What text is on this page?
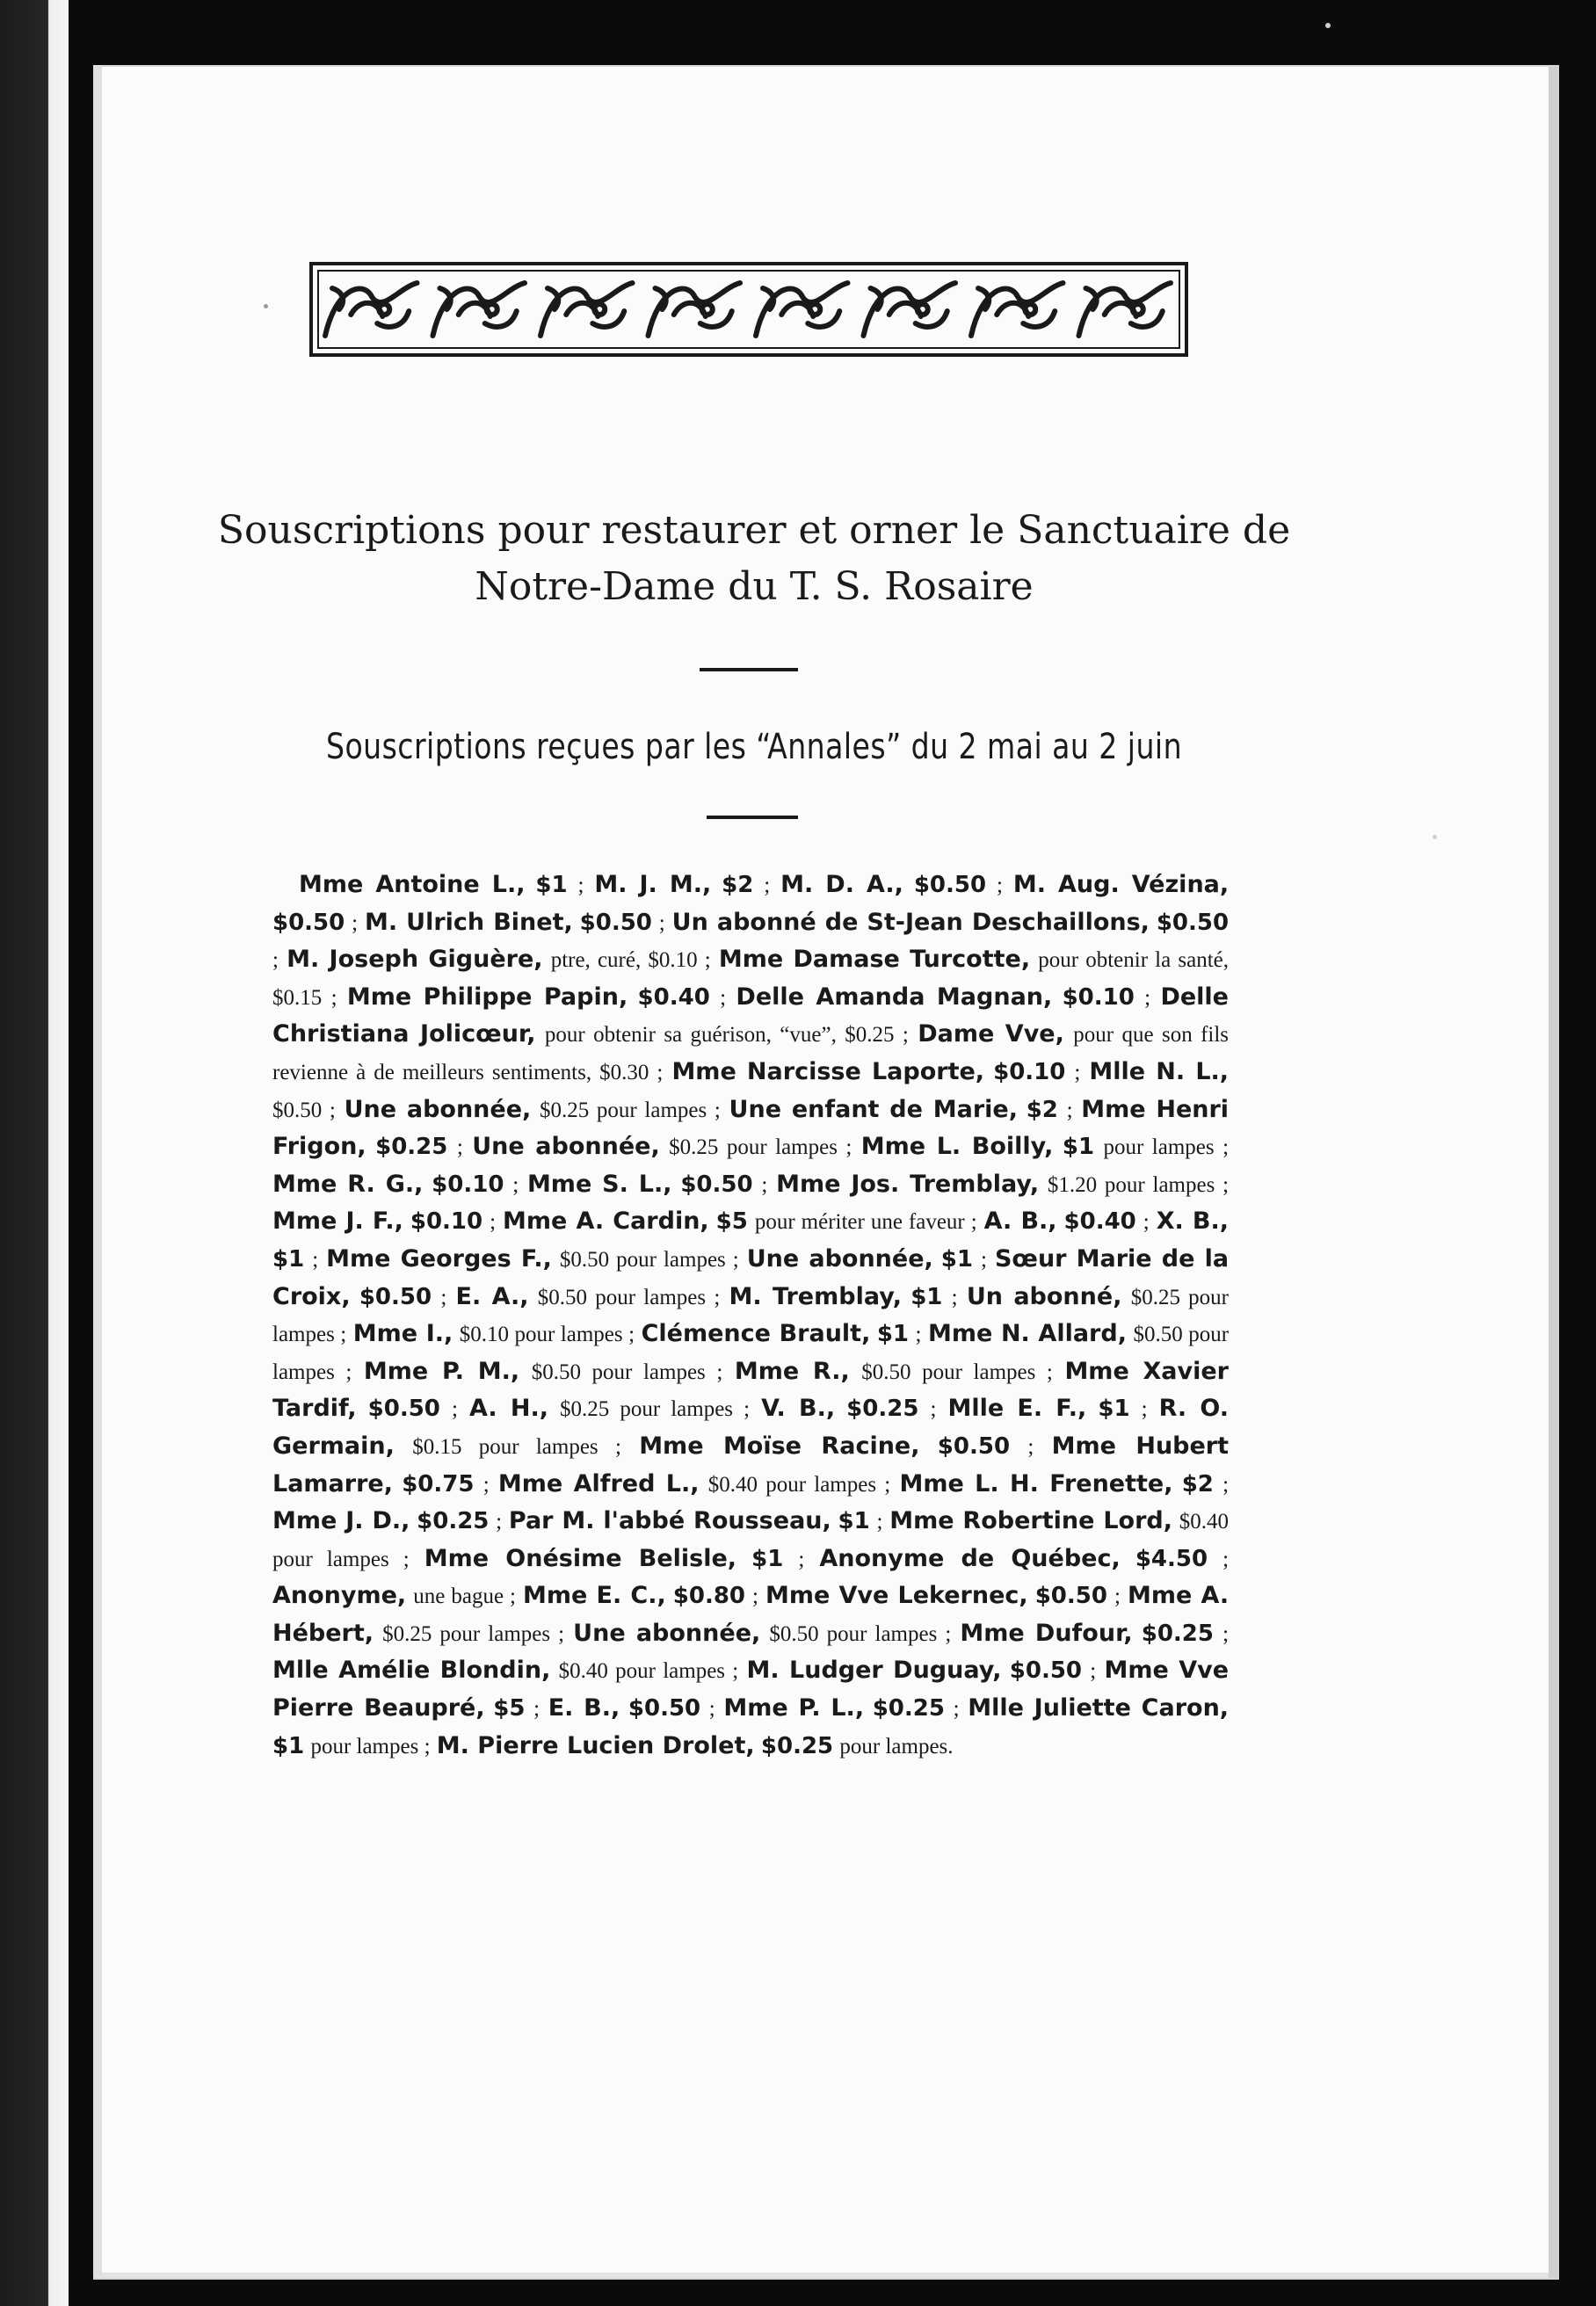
Souscriptions pour restaurer et orner le Sanctuaire de
Notre-Dame du T. S. Rosaire
Souscriptions reçues par les “Annales” du 2 mai au 2 juin
Mme Antoine L., $1 ; M. J. M., $2 ; M. D. A., $0.50 ; M. Aug. Vézina, $0.50 ; M. Ulrich Binet, $0.50 ; Un abonné de St-Jean Deschaillons, $0.50 ; M. Joseph Giguère, ptre, curé, $0.10 ; Mme Damase Turcotte, pour obtenir la santé, $0.15 ; Mme Philippe Papin, $0.40 ; Delle Amanda Magnan, $0.10 ; Delle Christiana Jolicœur, pour obtenir sa guérison, “vue”, $0.25 ; Dame Vve, pour que son fils revienne à de meilleurs sentiments, $0.30 ; Mme Narcisse Laporte, $0.10 ; Mlle N. L., $0.50 ; Une abonnée, $0.25 pour lampes ; Une enfant de Marie, $2 ; Mme Henri Frigon, $0.25 ; Une abonnée, $0.25 pour lampes ; Mme L. Boilly, $1 pour lampes ; Mme R. G., $0.10 ; Mme S. L., $0.50 ; Mme Jos. Tremblay, $1.20 pour lampes ; Mme J. F., $0.10 ; Mme A. Cardin, $5 pour mériter une faveur ; A. B., $0.40 ; X. B., $1 ; Mme Georges F., $0.50 pour lampes ; Une abonnée, $1 ; Sœur Marie de la Croix, $0.50 ; E. A., $0.50 pour lampes ; M. Tremblay, $1 ; Un abonné, $0.25 pour lampes ; Mme I., $0.10 pour lampes ; Clémence Brault, $1 ; Mme N. Allard, $0.50 pour lampes ; Mme P. M., $0.50 pour lampes ; Mme R., $0.50 pour lampes ; Mme Xavier Tardif, $0.50 ; A. H., $0.25 pour lampes ; V. B., $0.25 ; Mlle E. F., $1 ; R. O. Germain, $0.15 pour lampes ; Mme Moïse Racine, $0.50 ; Mme Hubert Lamarre, $0.75 ; Mme Alfred L., $0.40 pour lampes ; Mme L. H. Frenette, $2 ; Mme J. D., $0.25 ; Par M. l'abbé Rousseau, $1 ; Mme Robertine Lord, $0.40 pour lampes ; Mme Onésime Belisle, $1 ; Anonyme de Québec, $4.50 ; Anonyme, une bague ; Mme E. C., $0.80 ; Mme Vve Lekernec, $0.50 ; Mme A. Hébert, $0.25 pour lampes ; Une abonnée, $0.50 pour lampes ; Mme Dufour, $0.25 ; Mlle Amélie Blondin, $0.40 pour lampes ; M. Ludger Duguay, $0.50 ; Mme Vve Pierre Beaupré, $5 ; E. B., $0.50 ; Mme P. L., $0.25 ; Mlle Juliette Caron, $1 pour lampes ; M. Pierre Lucien Drolet, $0.25 pour lampes.
